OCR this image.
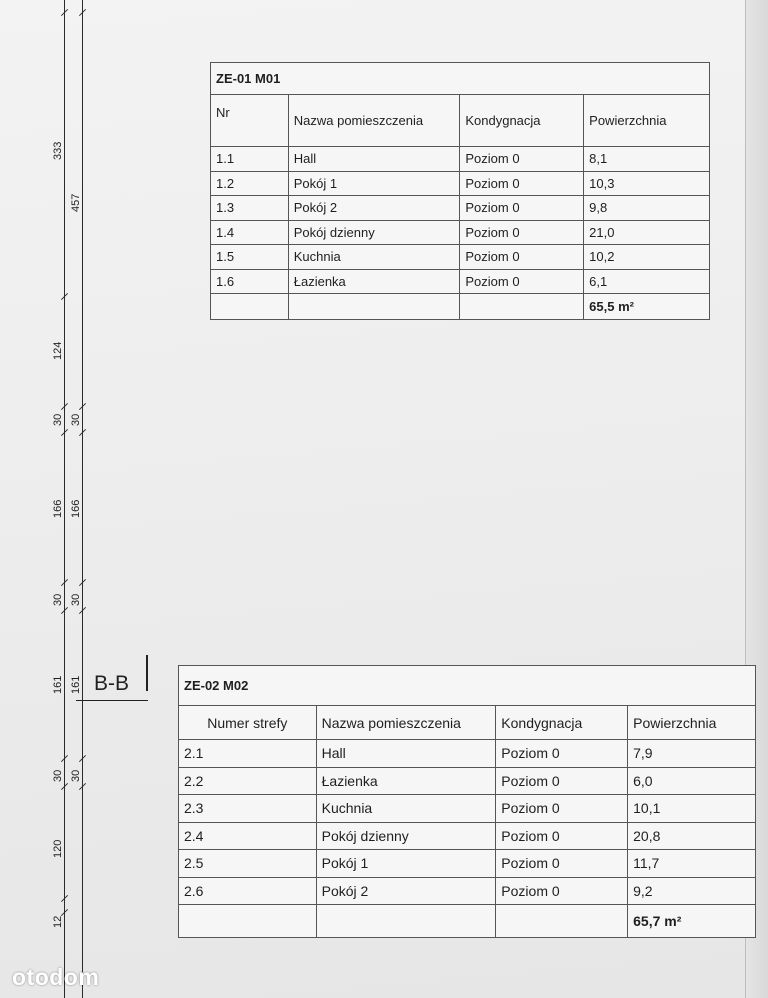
333
124
30
166
30
161
30
120
12
457
30
166
30
161
30
B-B
ZE-01 M01			
Nr	Nazwa pomieszczenia	Kondygnacja	Powierzchnia
1.1	Hall	Poziom 0	8,1
1.2	Pokój 1	Poziom 0	10,3
1.3	Pokój 2	Poziom 0	9,8
1.4	Pokój dzienny	Poziom 0	21,0
1.5	Kuchnia	Poziom 0	10,2
1.6	Łazienka	Poziom 0	6,1
			65,5 m²
ZE-02 M02			
Numer strefy	Nazwa pomieszczenia	Kondygnacja	Powierzchnia
2.1	Hall	Poziom 0	7,9
2.2	Łazienka	Poziom 0	6,0
2.3	Kuchnia	Poziom 0	10,1
2.4	Pokój dzienny	Poziom 0	20,8
2.5	Pokój 1	Poziom 0	11,7
2.6	Pokój 2	Poziom 0	9,2
			65,7 m²
otodom
